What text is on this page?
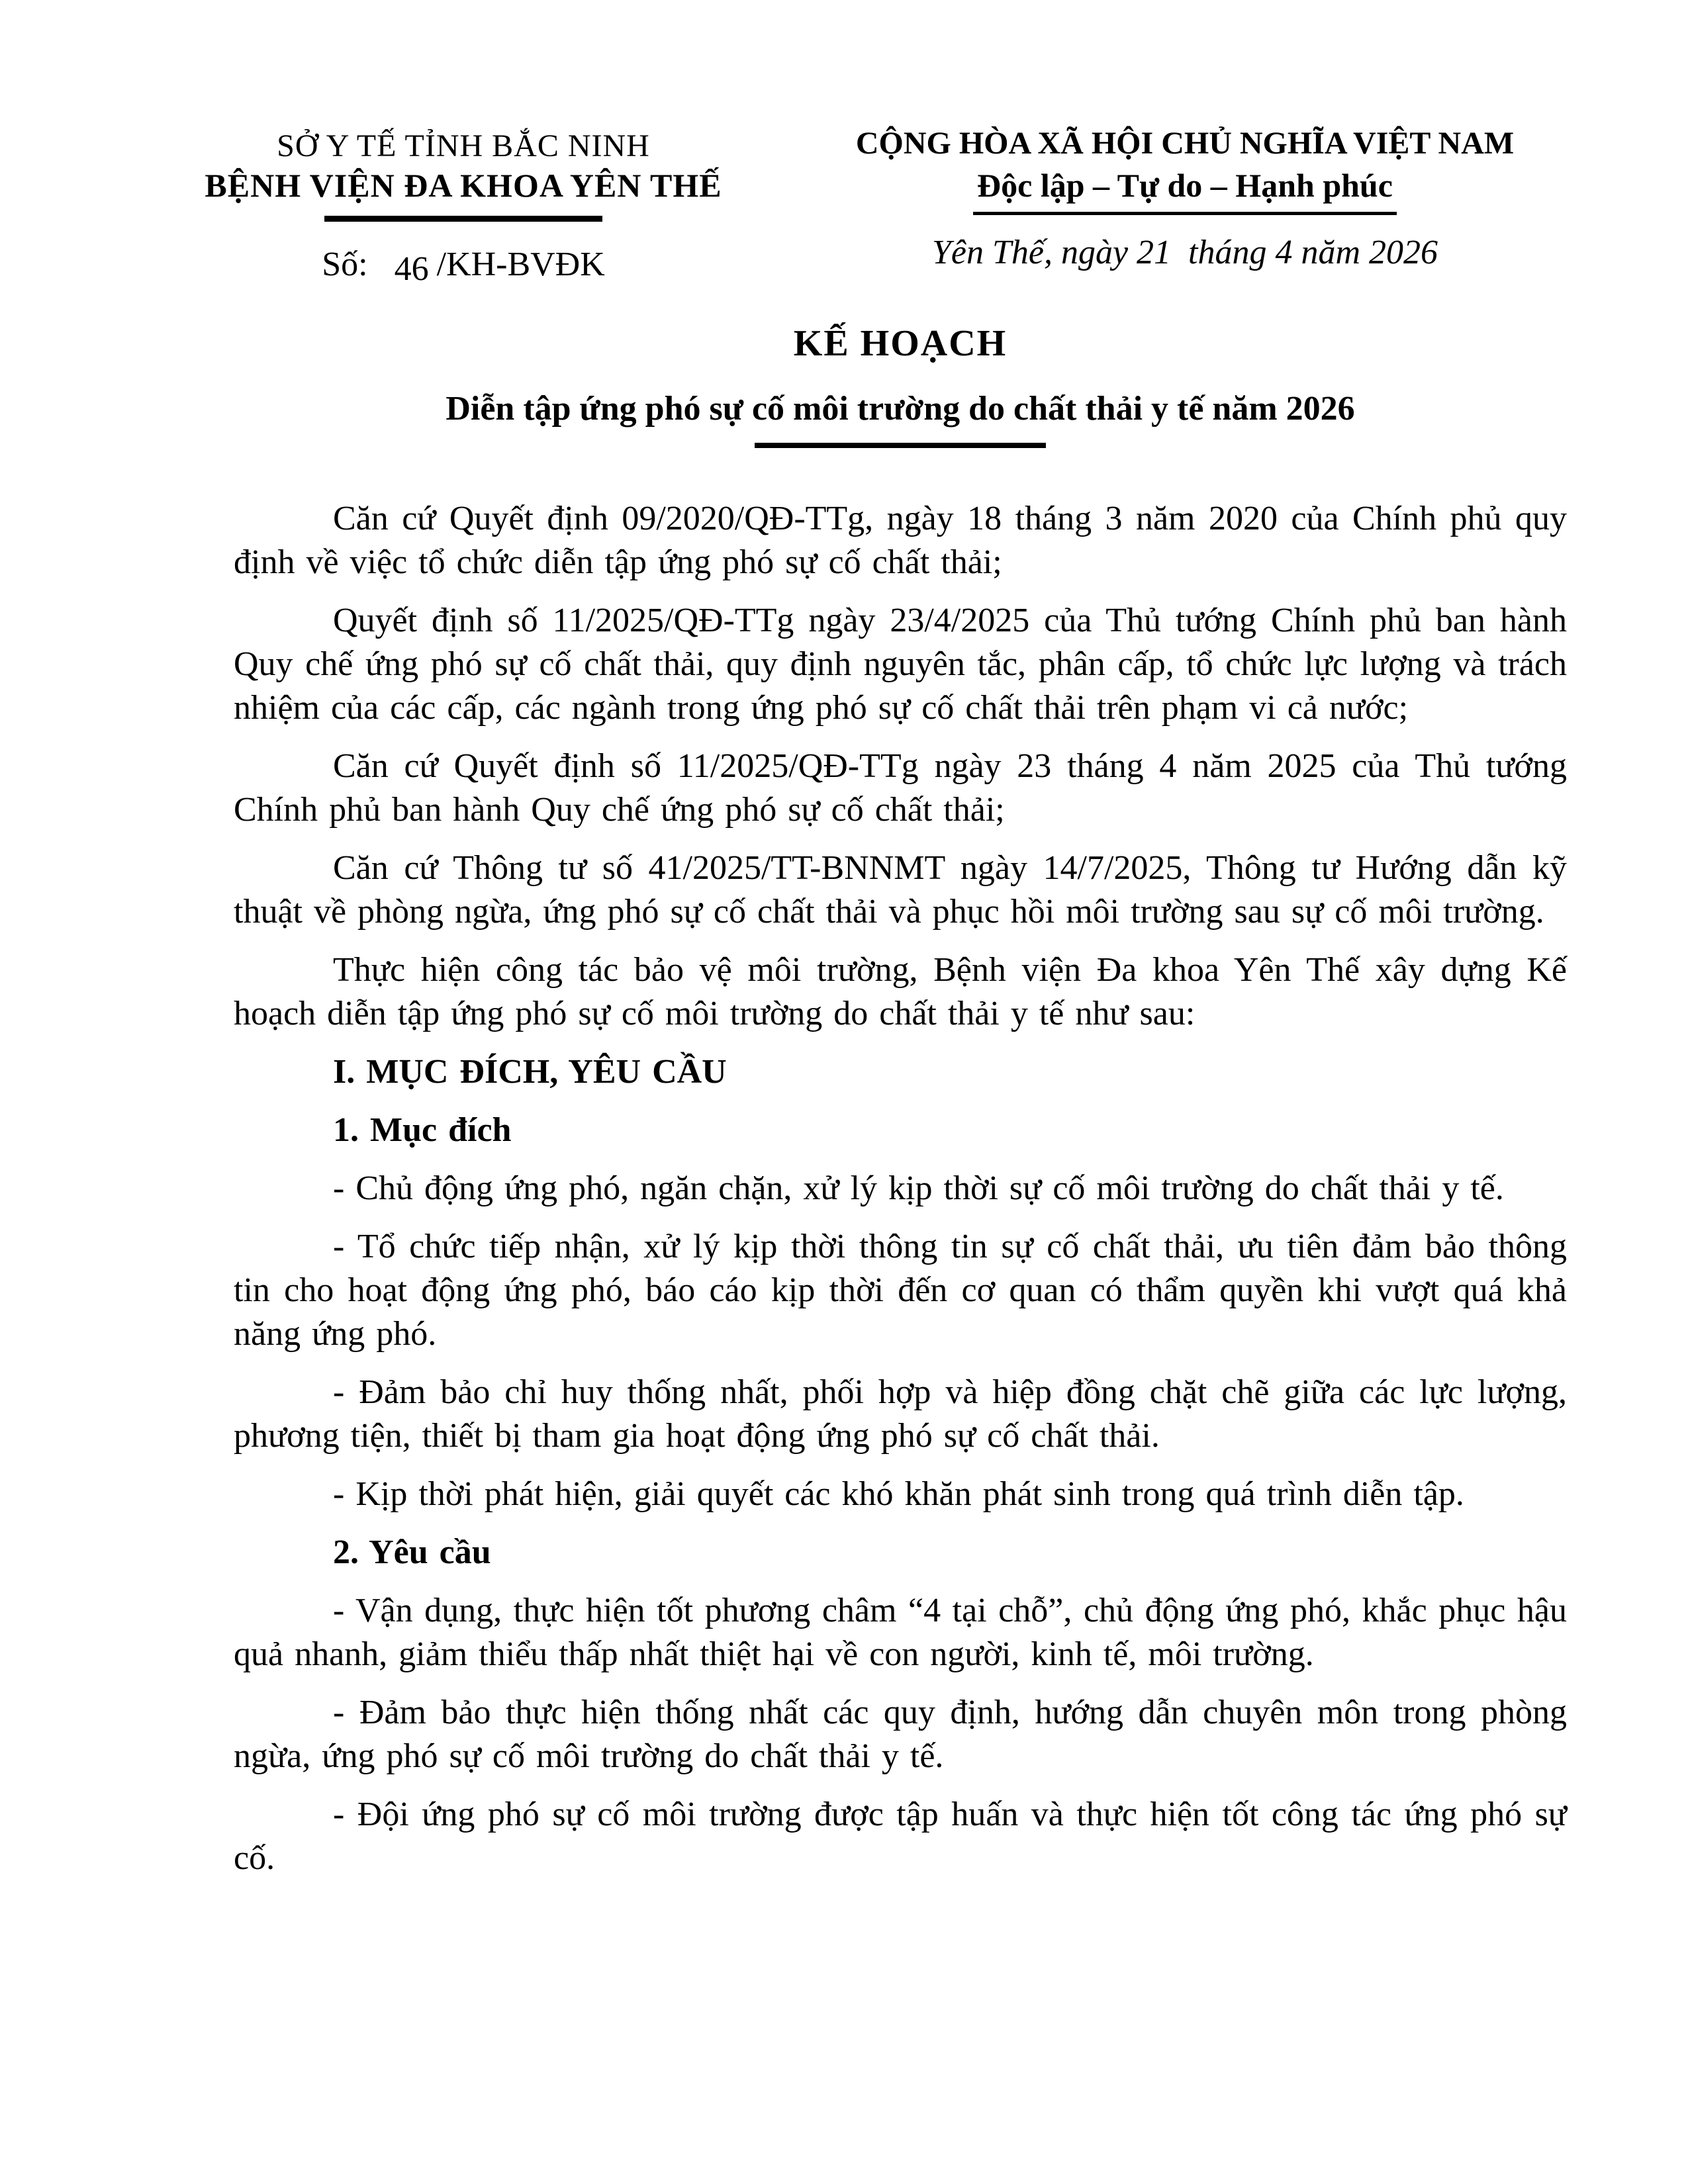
SỞ Y TẾ TỈNH BẮC NINH
BỆNH VIỆN ĐA KHOA YÊN THẾ
Số: 46 /KH-BVĐK
CỘNG HÒA XÃ HỘI CHỦ NGHĨA VIỆT NAM
Độc lập – Tự do – Hạnh phúc
Yên Thế, ngày 21  tháng 4 năm 2026
KẾ HOẠCH
Diễn tập ứng phó sự cố môi trường do chất thải y tế năm 2026

Căn cứ Quyết định 09/2020/QĐ-TTg, ngày 18 tháng 3 năm 2020 của Chính phủ quy định về việc tổ chức diễn tập ứng phó sự cố chất thải;

Quyết định số 11/2025/QĐ-TTg ngày 23/4/2025 của Thủ tướng Chính phủ ban hành Quy chế ứng phó sự cố chất thải, quy định nguyên tắc, phân cấp, tổ chức lực lượng và trách nhiệm của các cấp, các ngành trong ứng phó sự cố chất thải trên phạm vi cả nước;

Căn cứ Quyết định số 11/2025/QĐ-TTg ngày 23 tháng 4 năm 2025 của Thủ tướng Chính phủ ban hành Quy chế ứng phó sự cố chất thải;

Căn cứ Thông tư số 41/2025/TT-BNNMT ngày 14/7/2025, Thông tư Hướng dẫn kỹ thuật về phòng ngừa, ứng phó sự cố chất thải và phục hồi môi trường sau sự cố môi trường.

Thực hiện công tác bảo vệ môi trường, Bệnh viện Đa khoa Yên Thế xây dựng Kế hoạch diễn tập ứng phó sự cố môi trường do chất thải y tế như sau:

I. MỤC ĐÍCH, YÊU CẦU

1. Mục đích

- Chủ động ứng phó, ngăn chặn, xử lý kịp thời sự cố môi trường do chất thải y tế.

- Tổ chức tiếp nhận, xử lý kịp thời thông tin sự cố chất thải, ưu tiên đảm bảo thông tin cho hoạt động ứng phó, báo cáo kịp thời đến cơ quan có thẩm quyền khi vượt quá khả năng ứng phó.

- Đảm bảo chỉ huy thống nhất, phối hợp và hiệp đồng chặt chẽ giữa các lực lượng, phương tiện, thiết bị tham gia hoạt động ứng phó sự cố chất thải.

- Kịp thời phát hiện, giải quyết các khó khăn phát sinh trong quá trình diễn tập.

2. Yêu cầu

- Vận dụng, thực hiện tốt phương châm “4 tại chỗ”, chủ động ứng phó, khắc phục hậu quả nhanh, giảm thiểu thấp nhất thiệt hại về con người, kinh tế, môi trường.

- Đảm bảo thực hiện thống nhất các quy định, hướng dẫn chuyên môn trong phòng ngừa, ứng phó sự cố môi trường do chất thải y tế.

- Đội ứng phó sự cố môi trường được tập huấn và thực hiện tốt công tác ứng phó sự cố.
